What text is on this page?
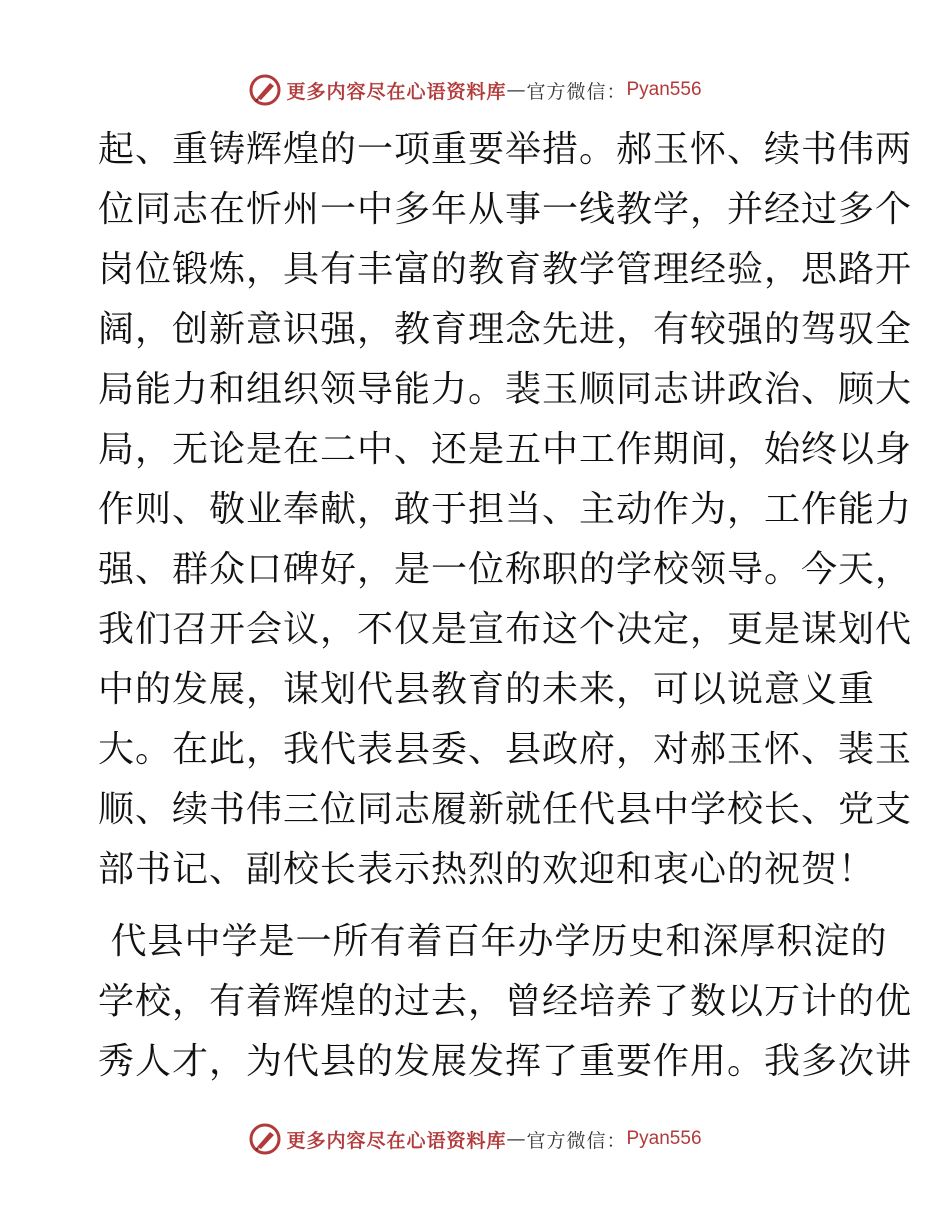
更多内容尽在心语资料库 — 官方微信： Pyan556

起、重铸辉煌的一项重要举措。郝玉怀、续书伟两
位同志在忻州一中多年从事一线教学，并经过多个
岗位锻炼，具有丰富的教育教学管理经验，思路开
阔，创新意识强，教育理念先进，有较强的驾驭全
局能力和组织领导能力。裴玉顺同志讲政治、顾大
局，无论是在二中、还是五中工作期间，始终以身
作则、敬业奉献，敢于担当、主动作为，工作能力
强、群众口碑好，是一位称职的学校领导。今天，
我们召开会议，不仅是宣布这个决定，更是谋划代
中的发展，谋划代县教育的未来，可以说意义重
大。在此，我代表县委、县政府，对郝玉怀、裴玉
顺、续书伟三位同志履新就任代县中学校长、党支
部书记、副校长表示热烈的欢迎和衷心的祝贺！

代县中学是一所有着百年办学历史和深厚积淀的
学校，有着辉煌的过去，曾经培养了数以万计的优
秀人才，为代县的发展发挥了重要作用。我多次讲

更多内容尽在心语资料库 — 官方微信： Pyan556
